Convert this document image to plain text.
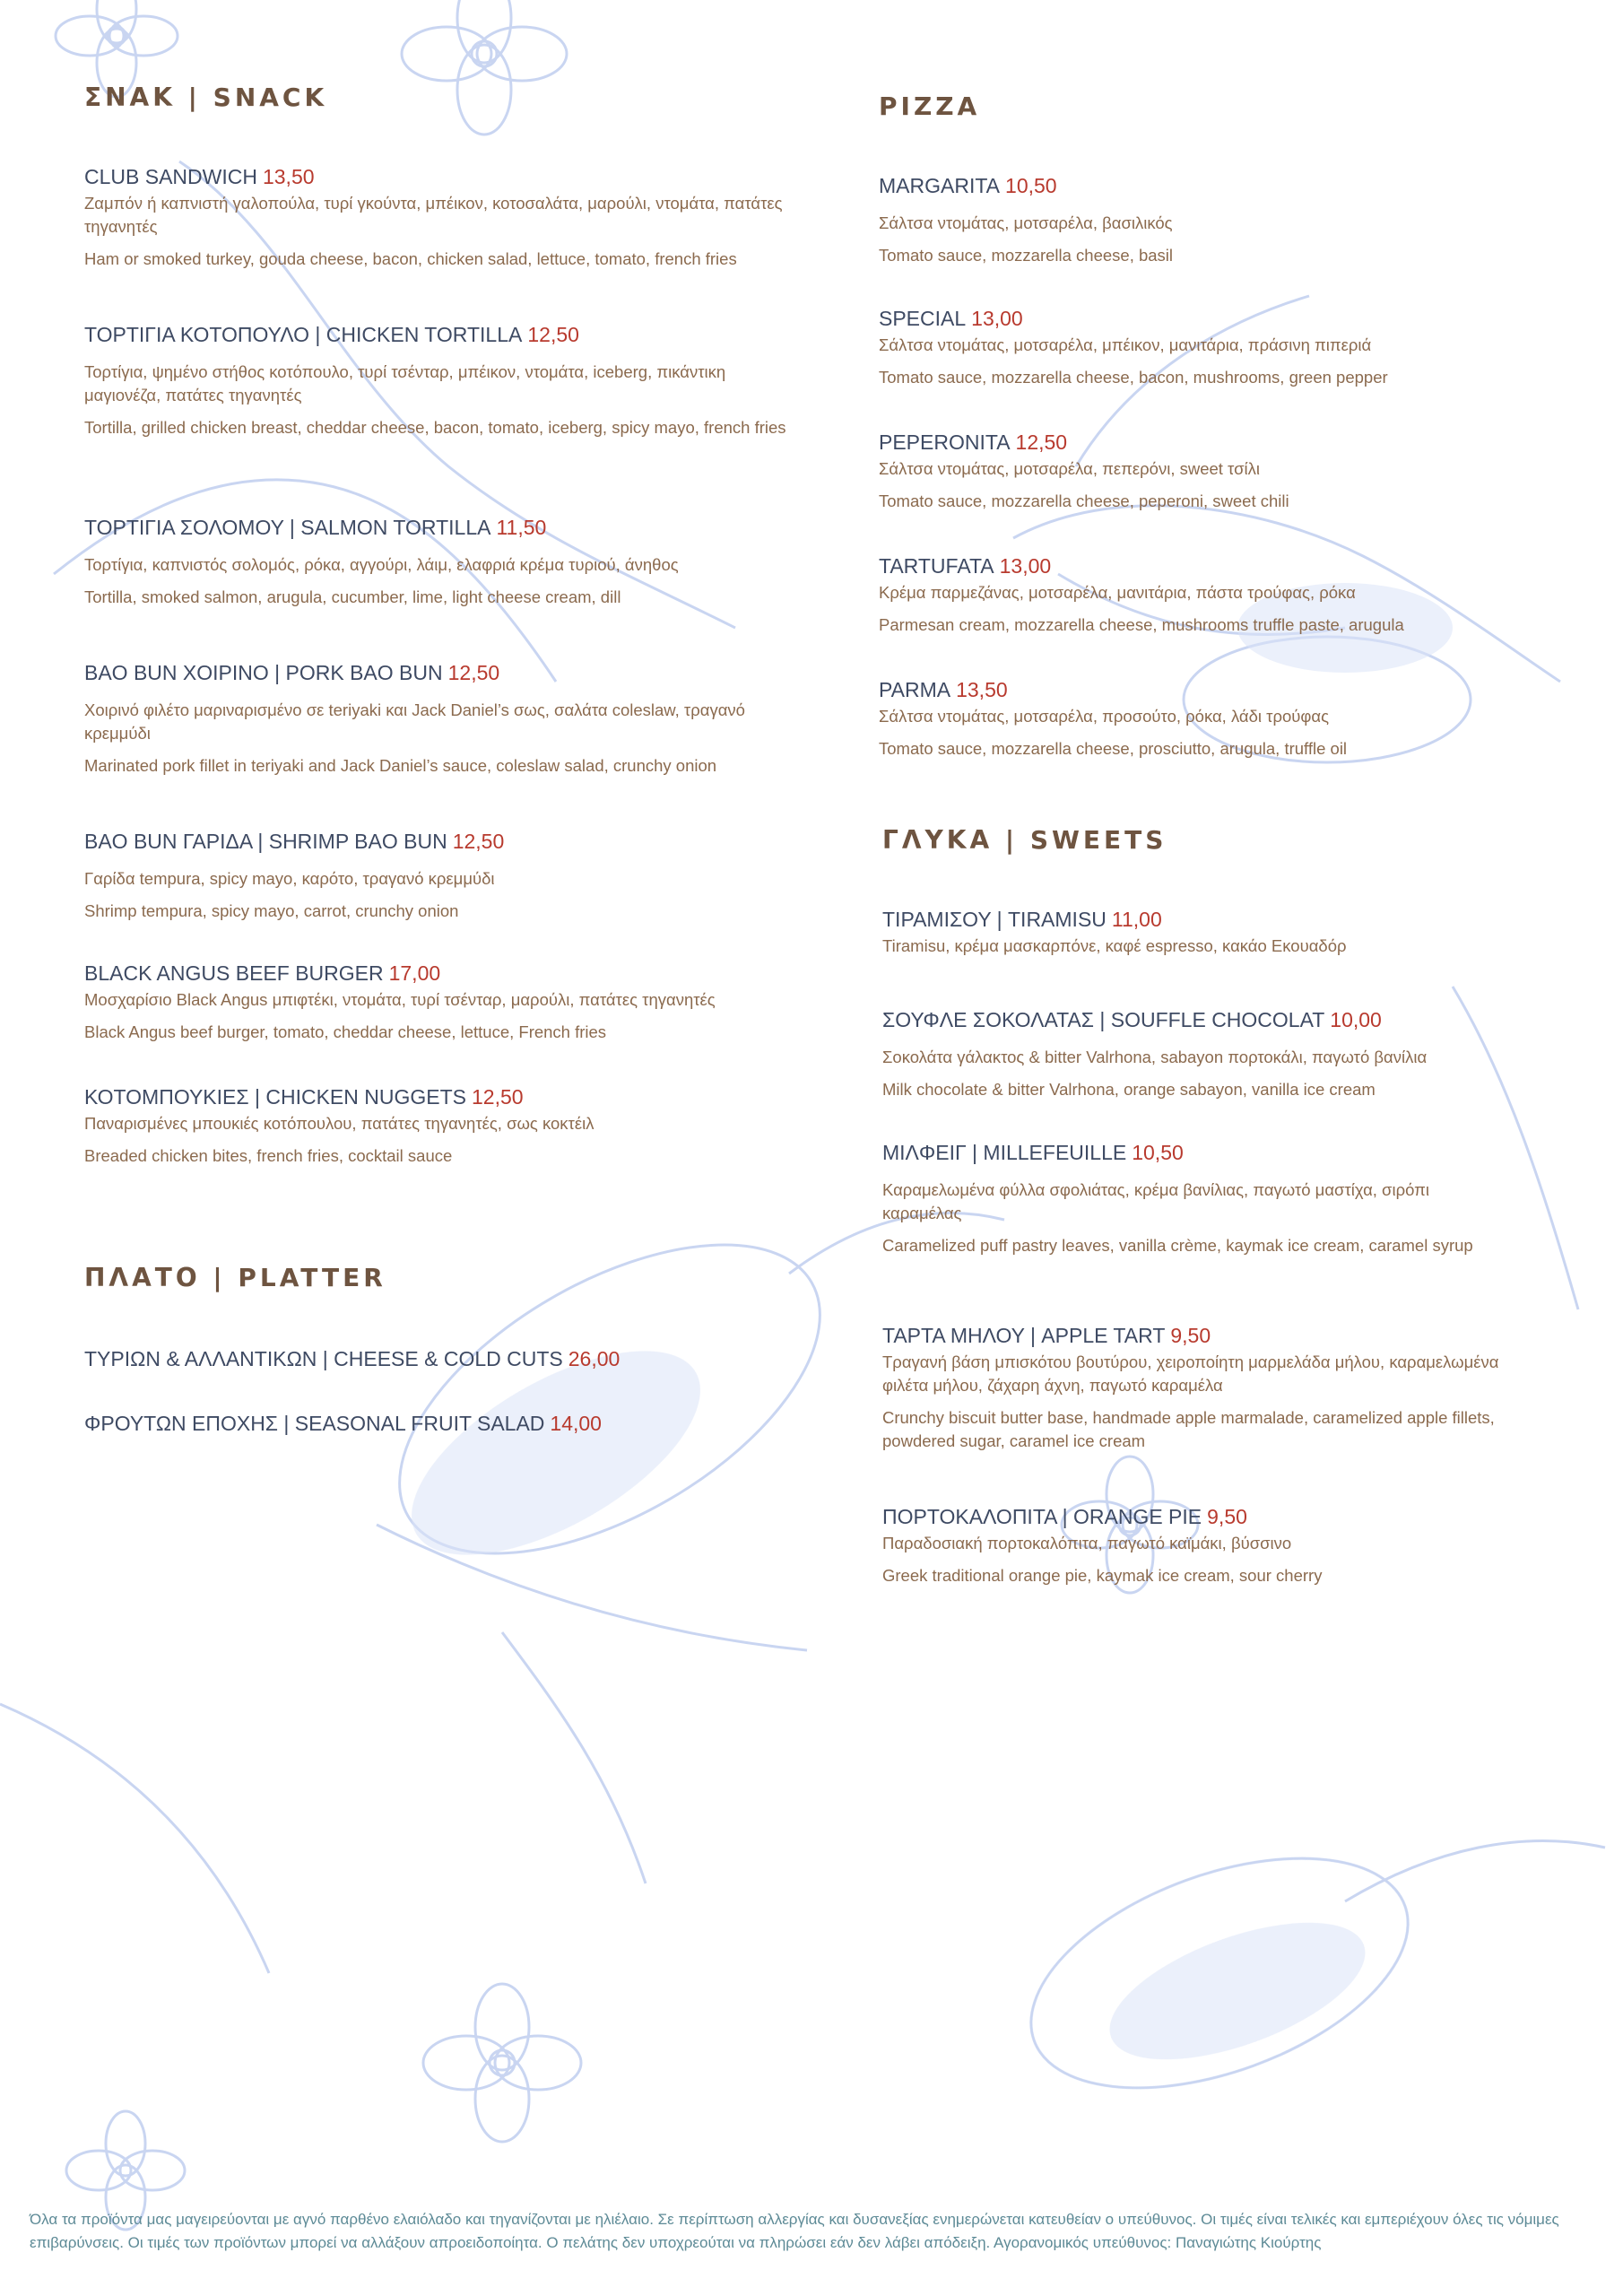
ΣΝΑΚ | SNACK
CLUB SANDWICH 13,50
Ζαμπόν ή καπνιστή γαλοπούλα, τυρί γκούντα, μπέικον, κοτοσαλάτα, μαρούλι, ντομάτα, πατάτες τηγανητές
Ham or smoked turkey, gouda cheese, bacon, chicken salad, lettuce, tomato, french fries
ΤΟΡΤΙΓΙΑ ΚΟΤΟΠΟΥΛΟ | CHICKEN TORTILLA 12,50
Τορτίγια, ψημένο στήθος κοτόπουλο, τυρί τσένταρ, μπέικον, ντομάτα, iceberg, πικάντικη μαγιονέζα, πατάτες τηγανητές
Tortilla, grilled chicken breast, cheddar cheese, bacon, tomato, iceberg, spicy mayo, french fries
ΤΟΡΤΙΓΙΑ ΣΟΛΟΜΟΥ | SALMON TORTILLA 11,50
Τορτίγια, καπνιστός σολομός, ρόκα, αγγούρι, λάιμ, ελαφριά κρέμα τυριού, άνηθος
Tortilla, smoked salmon, arugula, cucumber, lime, light cheese cream, dill
BAO BUN ΧΟΙΡΙΝΟ | PORK BAO BUN 12,50
Χοιρινό φιλέτο μαριναρισμένο σε teriyaki και Jack Daniel’s σως, σαλάτα coleslaw, τραγανό κρεμμύδι
Marinated pork fillet in teriyaki and Jack Daniel’s sauce, coleslaw salad, crunchy onion
BAO BUN ΓΑΡΙΔΑ | SHRIMP BAO BUN 12,50
Γαρίδα tempura, spicy mayo, καρότο, τραγανό κρεμμύδι
Shrimp tempura, spicy mayo, carrot, crunchy onion
BLACK ANGUS BEEF BURGER 17,00
Μοσχαρίσιο Black Angus μπιφτέκι, ντομάτα, τυρί τσένταρ, μαρούλι, πατάτες τηγανητές
Black Angus beef burger, tomato, cheddar cheese, lettuce, French fries
ΚΟΤΟΜΠΟΥΚΙΕΣ | CHICKEN NUGGETS 12,50
Παναρισμένες μπουκιές κοτόπουλου, πατάτες τηγανητές, σως κοκτέιλ
Breaded chicken bites, french fries, cocktail sauce
ΠΛΑΤΟ | PLATTER
ΤΥΡΙΩΝ & ΑΛΛΑΝΤΙΚΩΝ | CHEESE & COLD CUTS 26,00
ΦΡΟΥΤΩΝ ΕΠΟΧΗΣ | SEASONAL FRUIT SALAD 14,00
PIZZA
MARGARITA 10,50
Σάλτσα ντομάτας, μοτσαρέλα, βασιλικός
Tomato sauce, mozzarella cheese, basil
SPECIAL 13,00
Σάλτσα ντομάτας, μοτσαρέλα, μπέικον, μανιτάρια, πράσινη πιπεριά
Tomato sauce, mozzarella cheese, bacon, mushrooms, green pepper
PEPERONITA 12,50
Σάλτσα ντομάτας, μοτσαρέλα, πεπερόνι, sweet τσίλι
Tomato sauce, mozzarella cheese, peperoni, sweet chili
TARTUFATA 13,00
Κρέμα παρμεζάνας, μοτσαρέλα, μανιτάρια, πάστα τρούφας, ρόκα
Parmesan cream, mozzarella cheese, mushrooms truffle paste, arugula
PARMA 13,50
Σάλτσα ντομάτας, μοτσαρέλα, προσούτο, ρόκα, λάδι τρούφας
Tomato sauce, mozzarella cheese, prosciutto, arugula, truffle oil
ΓΛΥΚΑ | SWEETS
ΤΙΡΑΜΙΣΟΥ | TIRAMISU 11,00
Tiramisu, κρέμα μασκαρπόνε, καφέ espresso, κακάο Εκουαδόρ
ΣΟΥΦΛΕ ΣΟΚΟΛΑΤΑΣ | SOUFFLE CHOCOLAT 10,00
Σοκολάτα γάλακτος & bitter Valrhona, sabayon πορτοκάλι, παγωτό βανίλια
Milk chocolate & bitter Valrhona, orange sabayon, vanilla ice cream
ΜΙΛΦΕΙΓ | MILLEFEUILLE 10,50
Καραμελωμένα φύλλα σφολιάτας, κρέμα βανίλιας, παγωτό μαστίχα, σιρόπι καραμέλας
Caramelized puff pastry leaves, vanilla crème, kaymak ice cream, caramel syrup
ΤΑΡΤΑ ΜΗΛΟΥ | APPLE TART 9,50
Τραγανή βάση μπισκότου βουτύρου, χειροποίητη μαρμελάδα μήλου, καραμελωμένα φιλέτα μήλου, ζάχαρη άχνη, παγωτό καραμέλα
Crunchy biscuit butter base, handmade apple marmalade, caramelized apple fillets, powdered sugar, caramel ice cream
ΠΟΡΤΟΚΑΛΟΠΙΤΑ | ORANGE PIE 9,50
Παραδοσιακή πορτοκαλόπιτα, παγωτό καϊμάκι, βύσσινο
Greek traditional orange pie, kaymak ice cream, sour cherry
Όλα τα προϊόντα μας μαγειρεύονται με αγνό παρθένο ελαιόλαδο και τηγανίζονται με ηλιέλαιο. Σε περίπτωση αλλεργίας και δυσανεξίας ενημερώνεται κατευθείαν ο υπεύθυνος. Οι τιμές είναι τελικές και εμπεριέχουν όλες τις νόμιμες επιβαρύνσεις. Οι τιμές των προϊόντων μπορεί να αλλάξουν απροειδοποίητα. Ο πελάτης δεν υποχρεούται να πληρώσει εάν δεν λάβει απόδειξη. Αγορανομικός υπεύθυνος: Παναγιώτης Κιούρτης
